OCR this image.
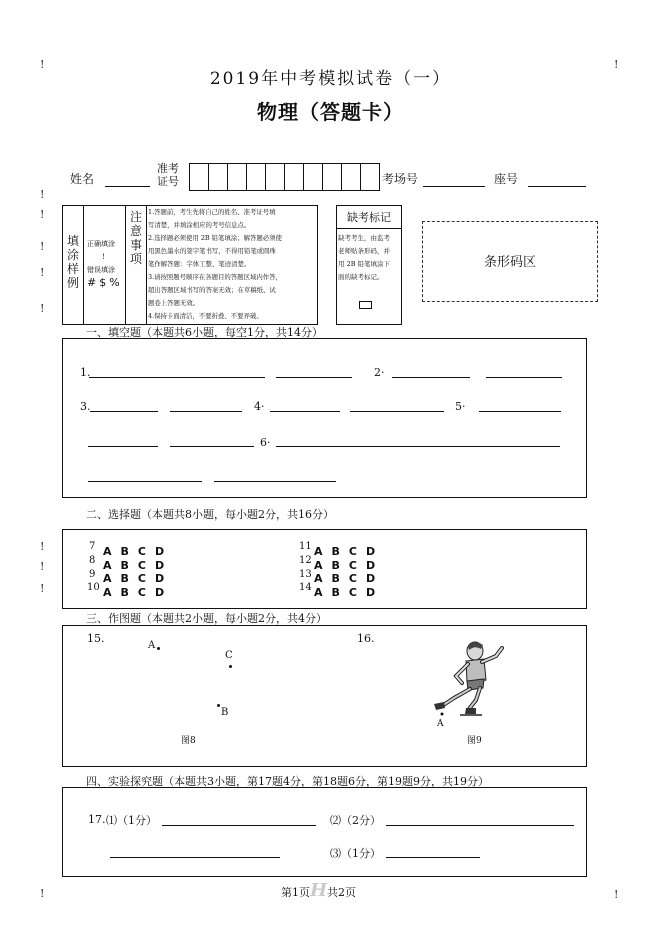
!
!
!
!
!
!
!
!
!
!
!
!
2019年中考模拟试卷（一）
物理（答题卡）
姓名
准考
证号	考场号	座号
填
涂
样
例
正确填涂
!
错误填涂
#$%
注
意
事
项
1.答题前，考生先将自己的姓名、准考证号填
写清楚，并填涂相应的考号信息点。
2.选择题必须使用 2B 铅笔填涂；解答题必须使
用黑色墨水的签字笔书写，不得用铅笔或圆珠
笔作解答题：字体工整、笔迹清楚。
3.请按照题号顺序在各题目的答题区域内作答，
超出答题区域书写的答案无效；在草稿纸、试
题卷上答题无效。
4.保持卡面清洁，不要折叠、不要弄破。
缺考标记
缺考考生，由监考
老师贴条形码，并
用 2B 铅笔填涂下
面的缺考标记。
条形码区
一、填空题（本题共6小题，每空1分，共14分）
1.	2·
3.	4·	5·
6·
二、选择题（本题共8小题，每小题2分，共16分）
7 ABCD
8 ABCD
9 ABCD
10 ABCD
11 ABCD
12 ABCD
13 ABCD
14 ABCD
三、作图题（本题共2小题，每小题2分，共4分）
15.	16.
A
C
B
图8
A
图9
四、实验探究题（本题共3小题，第17题4分，第18题6分，第19题9分，共19分）
17. ⑴（1分）	⑵（2分）
⑶（1分）
第1页H共2页
